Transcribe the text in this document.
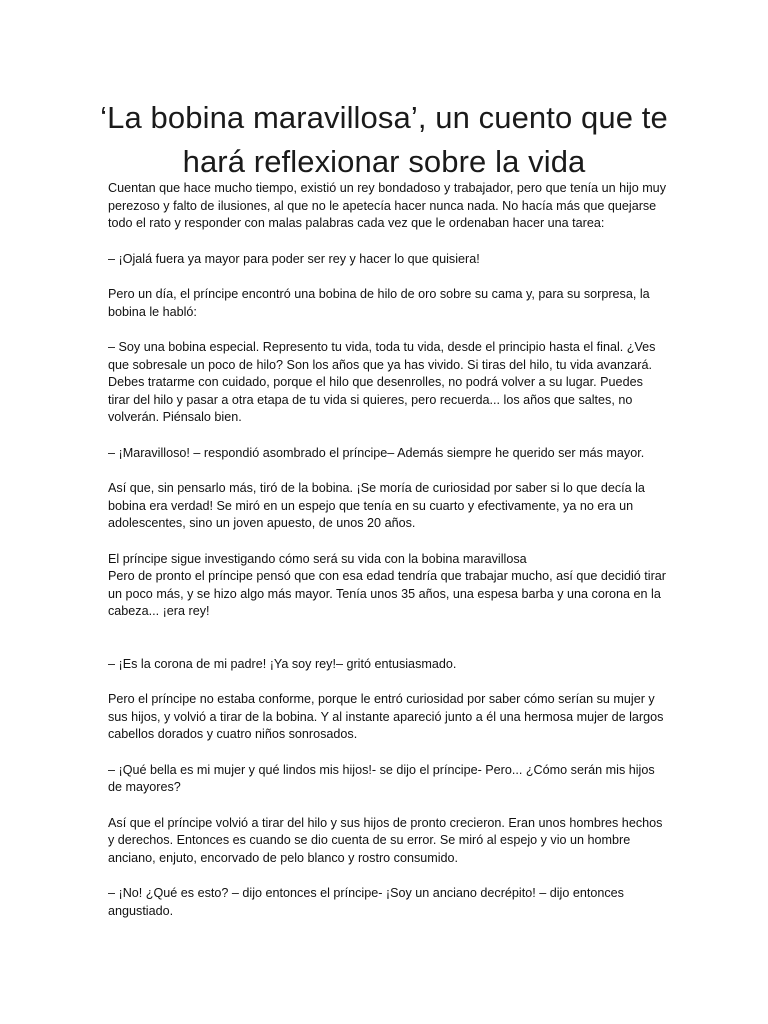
‘La bobina maravillosa’, un cuento que te
hará reflexionar sobre la vida

Cuentan que hace mucho tiempo, existió un rey bondadoso y trabajador, pero que tenía un hijo muy perezoso y falto de ilusiones, al que no le apetecía hacer nunca nada. No hacía más que quejarse todo el rato y responder con malas palabras cada vez que le ordenaban hacer una tarea:

– ¡Ojalá fuera ya mayor para poder ser rey y hacer lo que quisiera!

Pero un día, el príncipe encontró una bobina de hilo de oro sobre su cama y, para su sorpresa, la bobina le habló:

– Soy una bobina especial. Represento tu vida, toda tu vida, desde el principio hasta el final. ¿Ves que sobresale un poco de hilo? Son los años que ya has vivido. Si tiras del hilo, tu vida avanzará. Debes tratarme con cuidado, porque el hilo que desenrolles, no podrá volver a su lugar. Puedes tirar del hilo y pasar a otra etapa de tu vida si quieres, pero recuerda... los años que saltes, no volverán. Piénsalo bien.

– ¡Maravilloso! – respondió asombrado el príncipe– Además siempre he querido ser más mayor.

Así que, sin pensarlo más, tiró de la bobina. ¡Se moría de curiosidad por saber si lo que decía la bobina era verdad! Se miró en un espejo que tenía en su cuarto y efectivamente, ya no era un adolescentes, sino un joven apuesto, de unos 20 años.

El príncipe sigue investigando cómo será su vida con la bobina maravillosa

Pero de pronto el príncipe pensó que con esa edad tendría que trabajar mucho, así que decidió tirar un poco más, y se hizo algo más mayor. Tenía unos 35 años, una espesa barba y una corona en la cabeza... ¡era rey!

– ¡Es la corona de mi padre! ¡Ya soy rey!– gritó entusiasmado.

Pero el príncipe no estaba conforme, porque le entró curiosidad por saber cómo serían su mujer y sus hijos, y volvió a tirar de la bobina. Y al instante apareció junto a él una hermosa mujer de largos cabellos dorados y cuatro niños sonrosados.

– ¡Qué bella es mi mujer y qué lindos mis hijos!- se dijo el príncipe- Pero... ¿Cómo serán mis hijos de mayores?

Así que el príncipe volvió a tirar del hilo y sus hijos de pronto crecieron. Eran unos hombres hechos y derechos. Entonces es cuando se dio cuenta de su error. Se miró al espejo y vio un hombre anciano, enjuto, encorvado de pelo blanco y rostro consumido.

– ¡No! ¿Qué es esto? – dijo entonces el príncipe- ¡Soy un anciano decrépito! – dijo entonces angustiado.
